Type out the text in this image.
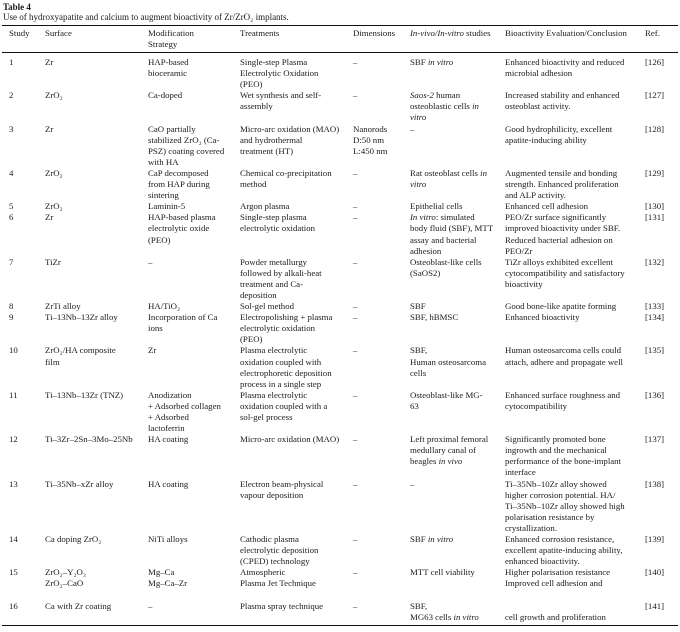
Table 4
Use of hydroxyapatite and calcium to augment bioactivity of Zr/ZrO₂ implants.
Study	Surface	Modification
Strategy	Treatments	Dimensions	In-vivo/In-vitro studies	Bioactivity Evaluation/Conclusion	Ref.
1	Zr	HAP-based
bioceramic	Single-step Plasma
Electrolytic Oxidation
(PEO)	–	SBF in vitro	Enhanced bioactivity and reduced
microbial adhesion	[126]
2	ZrO₂	Ca-doped	Wet synthesis and self-
assembly	–	Saos-2 human
osteoblastic cells in
vitro	Increased stability and enhanced
osteoblast activity.	[127]
3	Zr	CaO partially
stabilized ZrO₂ (Ca-
PSZ) coating covered
with HA	Micro-arc oxidation (MAO)
and hydrothermal
treatment (HT)	Nanorods
D:50 nm
L:450 nm	–	Good hydrophilicity, excellent
apatite-inducing ability	[128]
4	ZrO₂	CaP decomposed
from HAP during
sintering	Chemical co-precipitation
method	–	Rat osteoblast cells in
vitro	Augmented tensile and bonding
strength. Enhanced proliferation
and ALP activity.	[129]
5	ZrO₂	Laminin-5	Argon plasma	–	Epithelial cells	Enhanced cell adhesion	[130]
6	Zr	HAP-based plasma
electrolytic oxide
(PEO)	Single-step plasma
electrolytic oxidation	–	In vitro: simulated
body fluid (SBF), MTT
assay and bacterial
adhesion	PEO/Zr surface significantly
improved bioactivity under SBF.
Reduced bacterial adhesion on
PEO/Zr	[131]
7	TiZr	–	Powder metallurgy
followed by alkali-heat
treatment and Ca-
deposition	–	Osteoblast-like cells
(SaOS2)	TiZr alloys exhibited excellent
cytocompatibility and satisfactory
bioactivity	[132]
8	ZrTi alloy	HA/TiO₂	Sol-gel method	–	SBF	Good bone-like apatite forming	[133]
9	Ti–13Nb–13Zr alloy	Incorporation of Ca
ions	Electropolishing + plasma
electrolytic oxidation
(PEO)	–	SBF, hBMSC	Enhanced bioactivity	[134]
10	ZrO₂/HA composite
film	Zr	Plasma electrolytic
oxidation coupled with
electrophoretic deposition
process in a single step	–	SBF,
Human osteosarcoma
cells	Human osteosarcoma cells could
attach, adhere and propagate well	[135]
11	Ti–13Nb–13Zr (TNZ)	Anodization
+ Adsorbed collagen
+ Adsorbed
lactoferrin	Plasma electrolytic
oxidation coupled with a
sol-gel process	–	Osteoblast-like MG-
63	Enhanced surface roughness and
cytocompatibility	[136]
12	Ti–3Zr–2Sn–3Mo–25Nb	HA coating	Micro-arc oxidation (MAO)	–	Left proximal femoral
medullary canal of
beagles in vivo	Significantly promoted bone
ingrowth and the mechanical
performance of the bone-implant
interface	[137]
13	Ti–35Nb–xZr alloy	HA coating	Electron beam-physical
vapour deposition	–	–	Ti–35Nb–10Zr alloy showed
higher corrosion potential. HA/
Ti–35Nb–10Zr alloy showed high
polarisation resistance by
crystallization.	[138]
14	Ca doping ZrO₂	NiTi alloys	Cathodic plasma
electrolytic deposition
(CPED) technology	–	SBF in vitro	Enhanced corrosion resistance,
excellent apatite-inducing ability,
enhanced bioactivity.	[139]
15	ZrO₂–Y₂O₃
ZrO₂–CaO	Mg–Ca
Mg–Ca–Zr	Atmospheric
Plasma Jet Technique	–	MTT cell viability	Higher polarisation resistance
Improved cell adhesion and	[140]
16	Ca with Zr coating	–	Plasma spray technique	–	SBF,
MG63 cells in vitro	cell growth and proliferation	[141]
